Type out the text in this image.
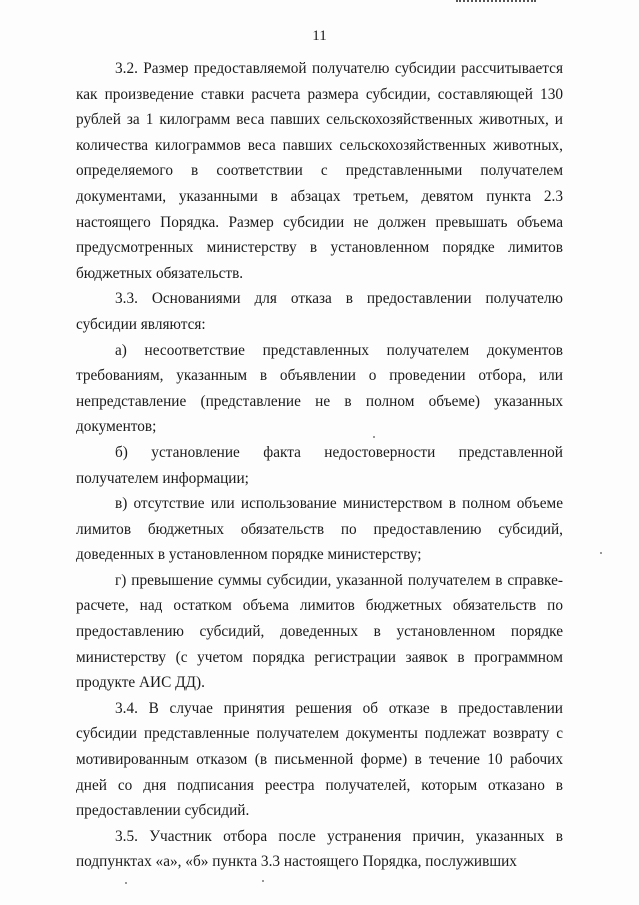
11

3.2. Размер предоставляемой получателю субсидии рассчитывается как произведение ставки расчета размера субсидии, составляющей 130 рублей за 1 килограмм веса павших сельскохозяйственных животных, и количества килограммов веса павших сельскохозяйственных животных, определяемого в соответствии с представленными получателем документами, указанными в абзацах третьем, девятом пункта 2.3 настоящего Порядка. Размер субсидии не должен превышать объема предусмотренных министерству в установленном порядке лимитов бюджетных обязательств.

3.3. Основаниями для отказа в предоставлении получателю субсидии являются:

а) несоответствие представленных получателем документов требованиям, указанным в объявлении о проведении отбора, или непредставление (представление не в полном объеме) указанных документов;

б) установление факта недостоверности представленной получателем информации;

в) отсутствие или использование министерством в полном объеме лимитов бюджетных обязательств по предоставлению субсидий, доведенных в установленном порядке министерству;

г) превышение суммы субсидии, указанной получателем в справке-расчете, над остатком объема лимитов бюджетных обязательств по предоставлению субсидий, доведенных в установленном порядке министерству (с учетом порядка регистрации заявок в программном продукте АИС ДД).

3.4. В случае принятия решения об отказе в предоставлении субсидии представленные получателем документы подлежат возврату с мотивированным отказом (в письменной форме) в течение 10 рабочих дней со дня подписания реестра получателей, которым отказано в предоставлении субсидий.

3.5. Участник отбора после устранения причин, указанных в подпунктах «а», «б» пункта 3.3 настоящего Порядка, послуживших
